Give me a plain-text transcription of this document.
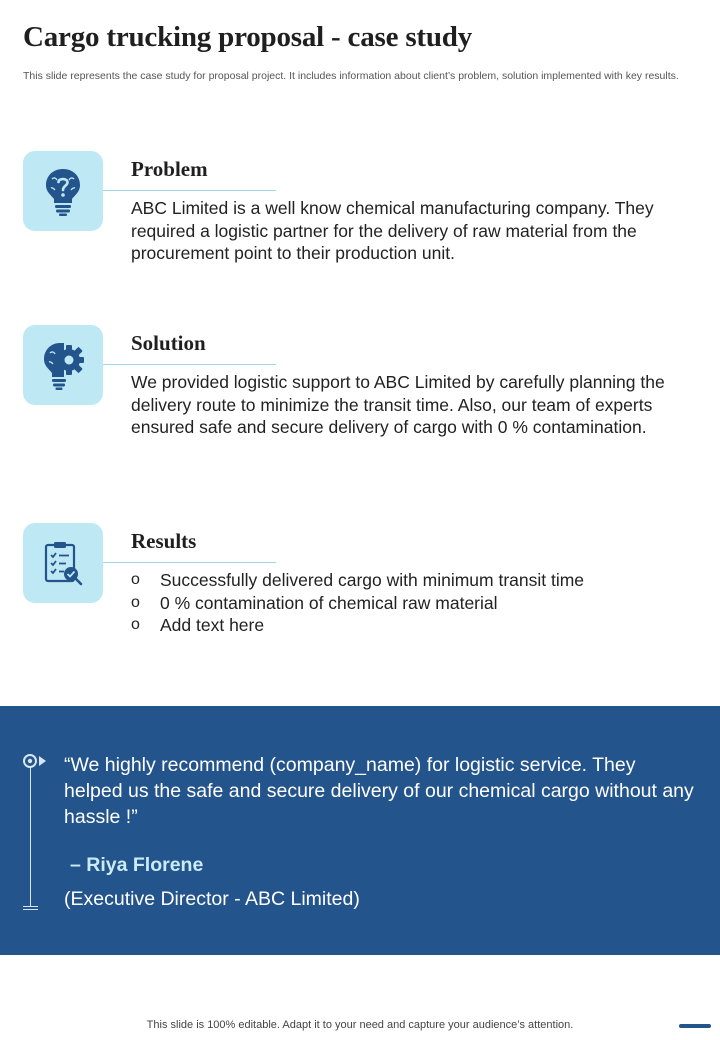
Cargo trucking proposal - case study
This slide represents the case study for proposal project. It includes information about client’s problem, solution implemented with key results.
Problem
ABC Limited is a well know chemical manufacturing company. They required a logistic partner for the delivery of raw material from the procurement point to their production unit.
Solution
We provided logistic support to ABC Limited by carefully planning the delivery route to minimize the transit time. Also, our team of experts ensured safe and secure delivery of cargo with 0 % contamination.
Results
o Successfully delivered cargo with minimum transit time
o 0 % contamination of chemical raw material
o Add text here
“We highly recommend (company_name) for logistic service. They helped us the safe and secure delivery of our chemical cargo without any hassle !”
– Riya Florene
(Executive Director - ABC Limited)
This slide is 100% editable. Adapt it to your need and capture your audience’s attention.
